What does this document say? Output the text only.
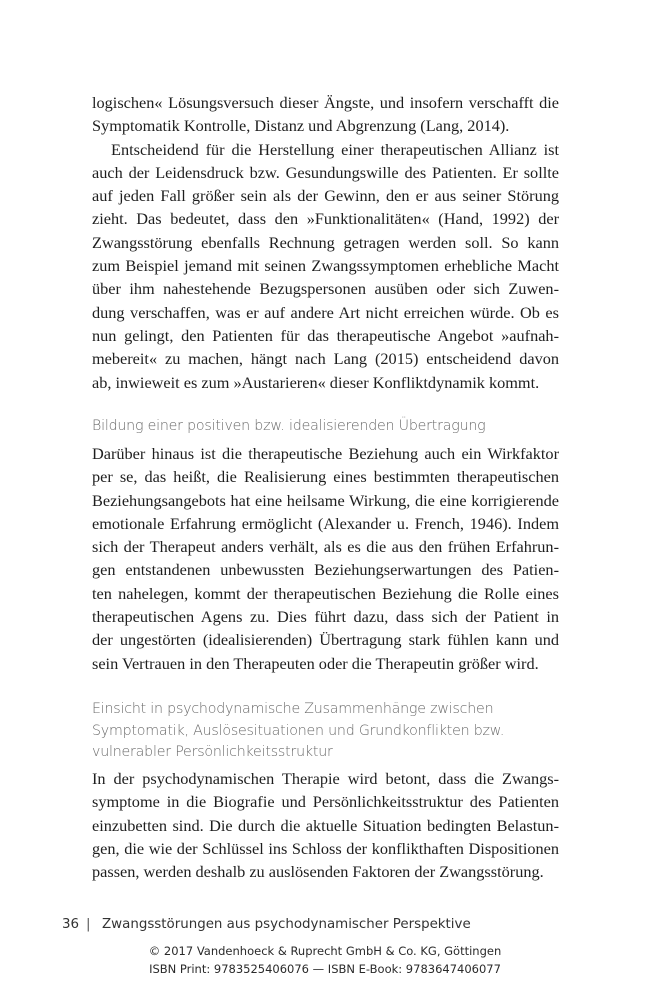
logischen« Lösungsversuch dieser Ängste, und insofern verschafft die
Symptomatik Kontrolle, Distanz und Abgrenzung (Lang, 2014).
Entscheidend für die Herstellung einer therapeutischen Allianz ist
auch der Leidensdruck bzw. Gesundungswille des Patienten. Er sollte
auf jeden Fall größer sein als der Gewinn, den er aus seiner Störung
zieht. Das bedeutet, dass den »Funktionalitäten« (Hand, 1992) der
Zwangsstörung ebenfalls Rechnung getragen werden soll. So kann
zum Beispiel jemand mit seinen Zwangssymptomen erhebliche Macht
über ihm nahestehende Bezugspersonen ausüben oder sich Zuwen-
dung verschaffen, was er auf andere Art nicht erreichen würde. Ob es
nun gelingt, den Patienten für das therapeutische Angebot »aufnah-
mebereit« zu machen, hängt nach Lang (2015) entscheidend davon
ab, inwieweit es zum »Austarieren« dieser Konfliktdynamik kommt.
Bildung einer positiven bzw. idealisierenden Übertragung
Darüber hinaus ist die therapeutische Beziehung auch ein Wirkfaktor
per se, das heißt, die Realisierung eines bestimmten therapeutischen
Beziehungsangebots hat eine heilsame Wirkung, die eine korrigierende
emotionale Erfahrung ermöglicht (Alexander u. French, 1946). Indem
sich der Therapeut anders verhält, als es die aus den frühen Erfahrun-
gen entstandenen unbewussten Beziehungserwartungen des Patien-
ten nahelegen, kommt der therapeutischen Beziehung die Rolle eines
therapeutischen Agens zu. Dies führt dazu, dass sich der Patient in
der ungestörten (idealisierenden) Übertragung stark fühlen kann und
sein Vertrauen in den Therapeuten oder die Therapeutin größer wird.
Einsicht in psychodynamische Zusammenhänge zwischen
Symptomatik, Auslösesituationen und Grundkonflikten bzw.
vulnerabler Persönlichkeitsstruktur
In der psychodynamischen Therapie wird betont, dass die Zwangs-
symptome in die Biografie und Persönlichkeitsstruktur des Patienten
einzubetten sind. Die durch die aktuelle Situation bedingten Belastun-
gen, die wie der Schlüssel ins Schloss der konflikthaften Dispositionen
passen, werden deshalb zu auslösenden Faktoren der Zwangsstörung.
36 | Zwangsstörungen aus psychodynamischer Perspektive
© 2017 Vandenhoeck & Ruprecht GmbH & Co. KG, Göttingen
ISBN Print: 9783525406076 — ISBN E-Book: 9783647406077
